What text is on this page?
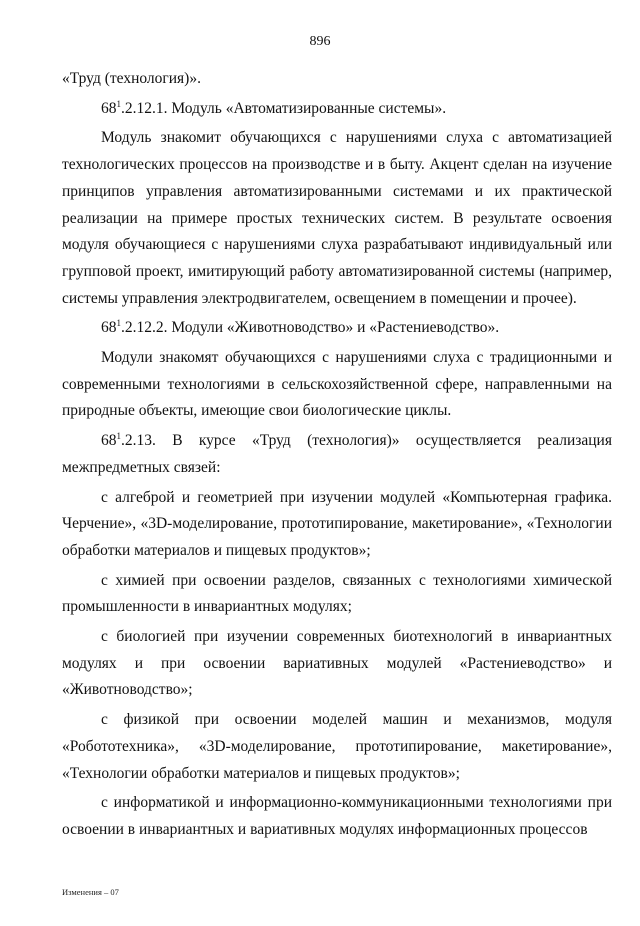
896

«Труд (технология)».

$68^1.2.12.1$. Модуль «Автоматизированные системы».

Модуль знакомит обучающихся с нарушениями слуха с автоматизацией технологических процессов на производстве и в быту. Акцент сделан на изучение принципов управления автоматизированными системами и их практической реализации на примере простых технических систем. В результате освоения модуля обучающиеся с нарушениями слуха разрабатывают индивидуальный или групповой проект, имитирующий работу автоматизированной системы (например, системы управления электродвигателем, освещением в помещении и прочее).

$68^1.2.12.2$. Модули «Животноводство» и «Растениеводство».

Модули знакомят обучающихся с нарушениями слуха с традиционными и современными технологиями в сельскохозяйственной сфере, направленными на природные объекты, имеющие свои биологические циклы.

$68^1.2.13$. В курсе «Труд (технология)» осуществляется реализация межпредметных связей:

с алгеброй и геометрией при изучении модулей «Компьютерная графика. Черчение», «3D-моделирование, прототипирование, макетирование», «Технологии обработки материалов и пищевых продуктов»;

с химией при освоении разделов, связанных с технологиями химической промышленности в инвариантных модулях;

с биологией при изучении современных биотехнологий в инвариантных модулях и при освоении вариативных модулей «Растениеводство» и «Животноводство»;

с физикой при освоении моделей машин и механизмов, модуля «Робототехника», «3D-моделирование, прототипирование, макетирование», «Технологии обработки материалов и пищевых продуктов»;

с информатикой и информационно-коммуникационными технологиями при освоении в инвариантных и вариативных модулях информационных процессов

Изменения – 07
